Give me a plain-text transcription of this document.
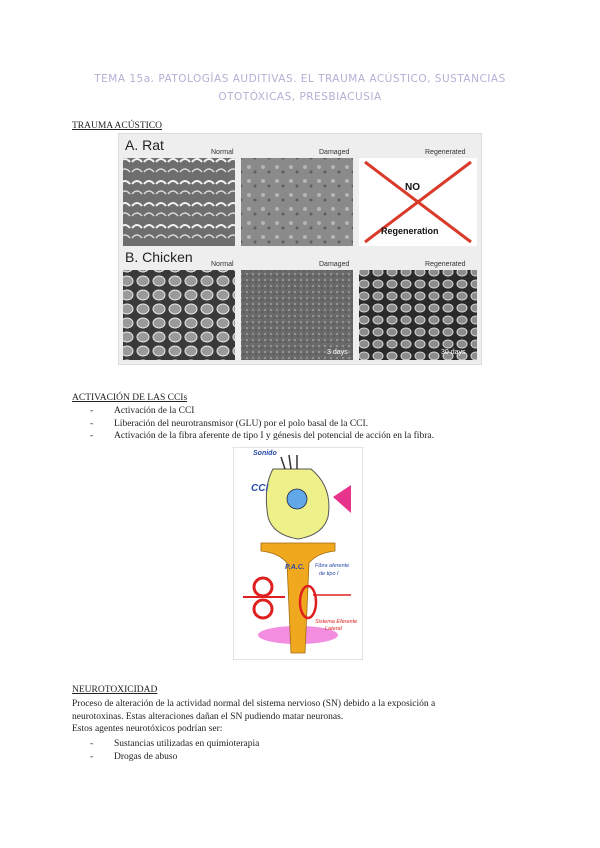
TEMA 15a. PATOLOGÍAS AUDITIVAS. EL TRAUMA ACÚSTICO, SUSTANCIAS
OTOTÓXICAS, PRESBIACUSIA
TRAUMA ACÚSTICO
A. Rat	Normal	Damaged	Regenerated
NO
Regeneration
B. Chicken	Normal	Damaged	Regenerated
3 days	30 days
ACTIVACIÓN DE LAS CCIs
- Activación de la CCI
- Liberación del neurotransmisor (GLU) por el polo basal de la CCI.
- Activación de la fibra aferente de tipo I y génesis del potencial de acción en la fibra.
Sonido
CCI
P.A.C. Fibra aferente
de tipo I
Sistema Eferente
Lateral
NEUROTOXICIDAD
Proceso de alteración de la actividad normal del sistema nervioso (SN) debido a la exposición a
neurotoxinas. Estas alteraciones dañan el SN pudiendo matar neuronas.
Estos agentes neurotóxicos podrían ser:
- Sustancias utilizadas en quimioterapia
- Drogas de abuso
